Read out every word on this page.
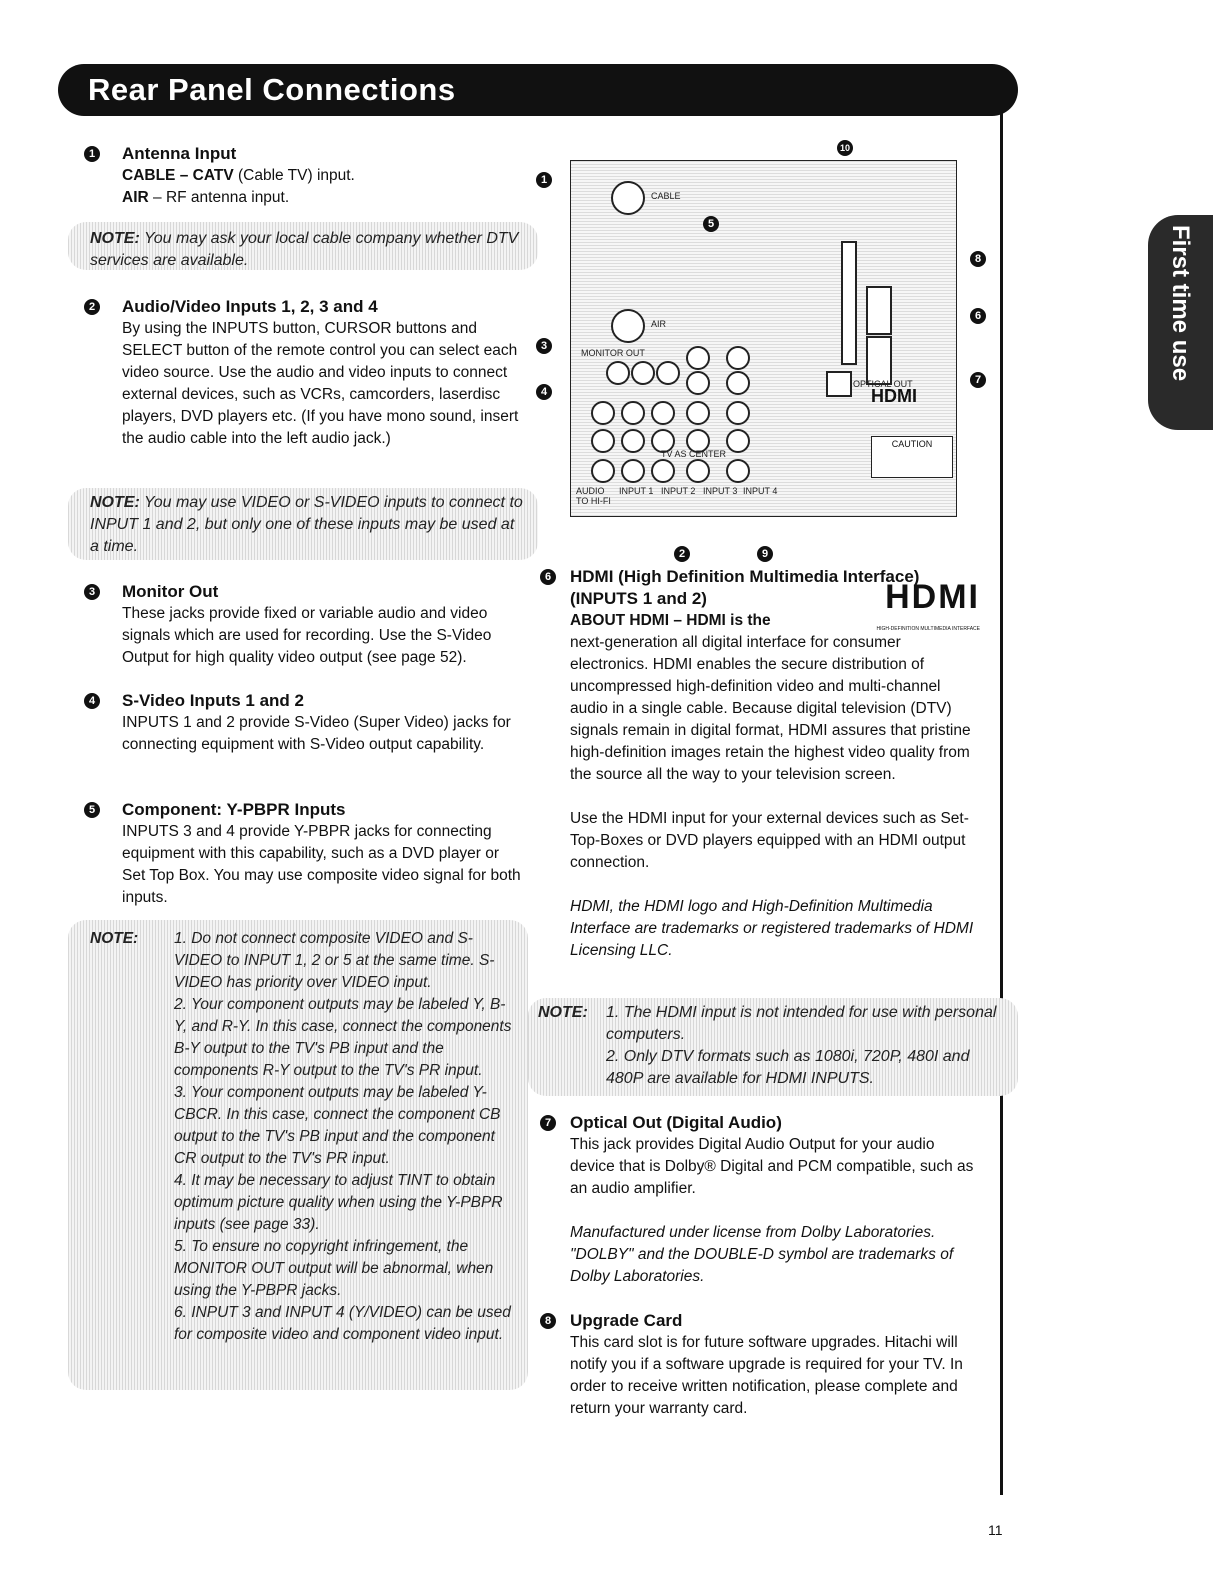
Rear Panel Connections
First time use
1 Antenna Input
CABLE – CATV (Cable TV) input.
AIR – RF antenna input.
NOTE: You may ask your local cable company whether DTV services are available.
2 Audio/Video Inputs 1, 2, 3 and 4
By using the INPUTS button, CURSOR buttons and SELECT button of the remote control you can select each video source. Use the audio and video inputs to connect external devices, such as VCRs, camcorders, laserdisc players, DVD players etc. (If you have mono sound, insert the audio cable into the left audio jack.)
NOTE: You may use VIDEO or S-VIDEO inputs to connect to INPUT 1 and 2, but only one of these inputs may be used at a time.
3 Monitor Out
These jacks provide fixed or variable audio and video signals which are used for recording. Use the S-Video Output for high quality video output (see page 52).
4 S-Video Inputs 1 and 2
INPUTS 1 and 2 provide S-Video (Super Video) jacks for connecting equipment with S-Video output capability.
5 Component: Y-PBPR Inputs
INPUTS 3 and 4 provide Y-PBPR jacks for connecting equipment with this capability, such as a DVD player or Set Top Box. You may use composite video signal for both inputs.
NOTE: 1. Do not connect composite VIDEO and S-VIDEO to INPUT 1, 2 or 5 at the same time. S-VIDEO has priority over VIDEO input.
2. Your component outputs may be labeled Y, B-Y, and R-Y. In this case, connect the components B-Y output to the TV's PB input and the components R-Y output to the TV's PR input.
3. Your component outputs may be labeled Y-CBCR. In this case, connect the component CB output to the TV's PB input and the component CR output to the TV's PR input.
4. It may be necessary to adjust TINT to obtain optimum picture quality when using the Y-PBPR inputs (see page 33).
5. To ensure no copyright infringement, the MONITOR OUT output will be abnormal, when using the Y-PBPR jacks.
6. INPUT 3 and INPUT 4 (Y/VIDEO) can be used for composite video and component video input.
CABLE
AIR
MONITOR OUT
TV AS CENTER
AUDIO TO HI-FI
INPUT 1 INPUT 2 INPUT 3 INPUT 4
OPTICAL OUT
HDMI
CAUTION
1
2
3
4
5
6
7
8
9
10
6 HDMI (High Definition Multimedia Interface) (INPUTS 1 and 2)
ABOUT HDMI – HDMI is the
HDMI
HIGH-DEFINITION MULTIMEDIA INTERFACE
next-generation all digital interface for consumer electronics. HDMI enables the secure distribution of uncompressed high-definition video and multi-channel audio in a single cable. Because digital television (DTV) signals remain in digital format, HDMI assures that pristine high-definition images retain the highest video quality from the source all the way to your television screen.
Use the HDMI input for your external devices such as Set-Top-Boxes or DVD players equipped with an HDMI output connection.
HDMI, the HDMI logo and High-Definition Multimedia Interface are trademarks or registered trademarks of HDMI Licensing LLC.
NOTE: 1. The HDMI input is not intended for use with personal computers.
2. Only DTV formats such as 1080i, 720P, 480I and 480P are available for HDMI INPUTS.
7 Optical Out (Digital Audio)
This jack provides Digital Audio Output for your audio device that is Dolby® Digital and PCM compatible, such as an audio amplifier.
Manufactured under license from Dolby Laboratories. "DOLBY" and the DOUBLE-D symbol are trademarks of Dolby Laboratories.
8 Upgrade Card
This card slot is for future software upgrades. Hitachi will notify you if a software upgrade is required for your TV. In order to receive written notification, please complete and return your warranty card.
11
